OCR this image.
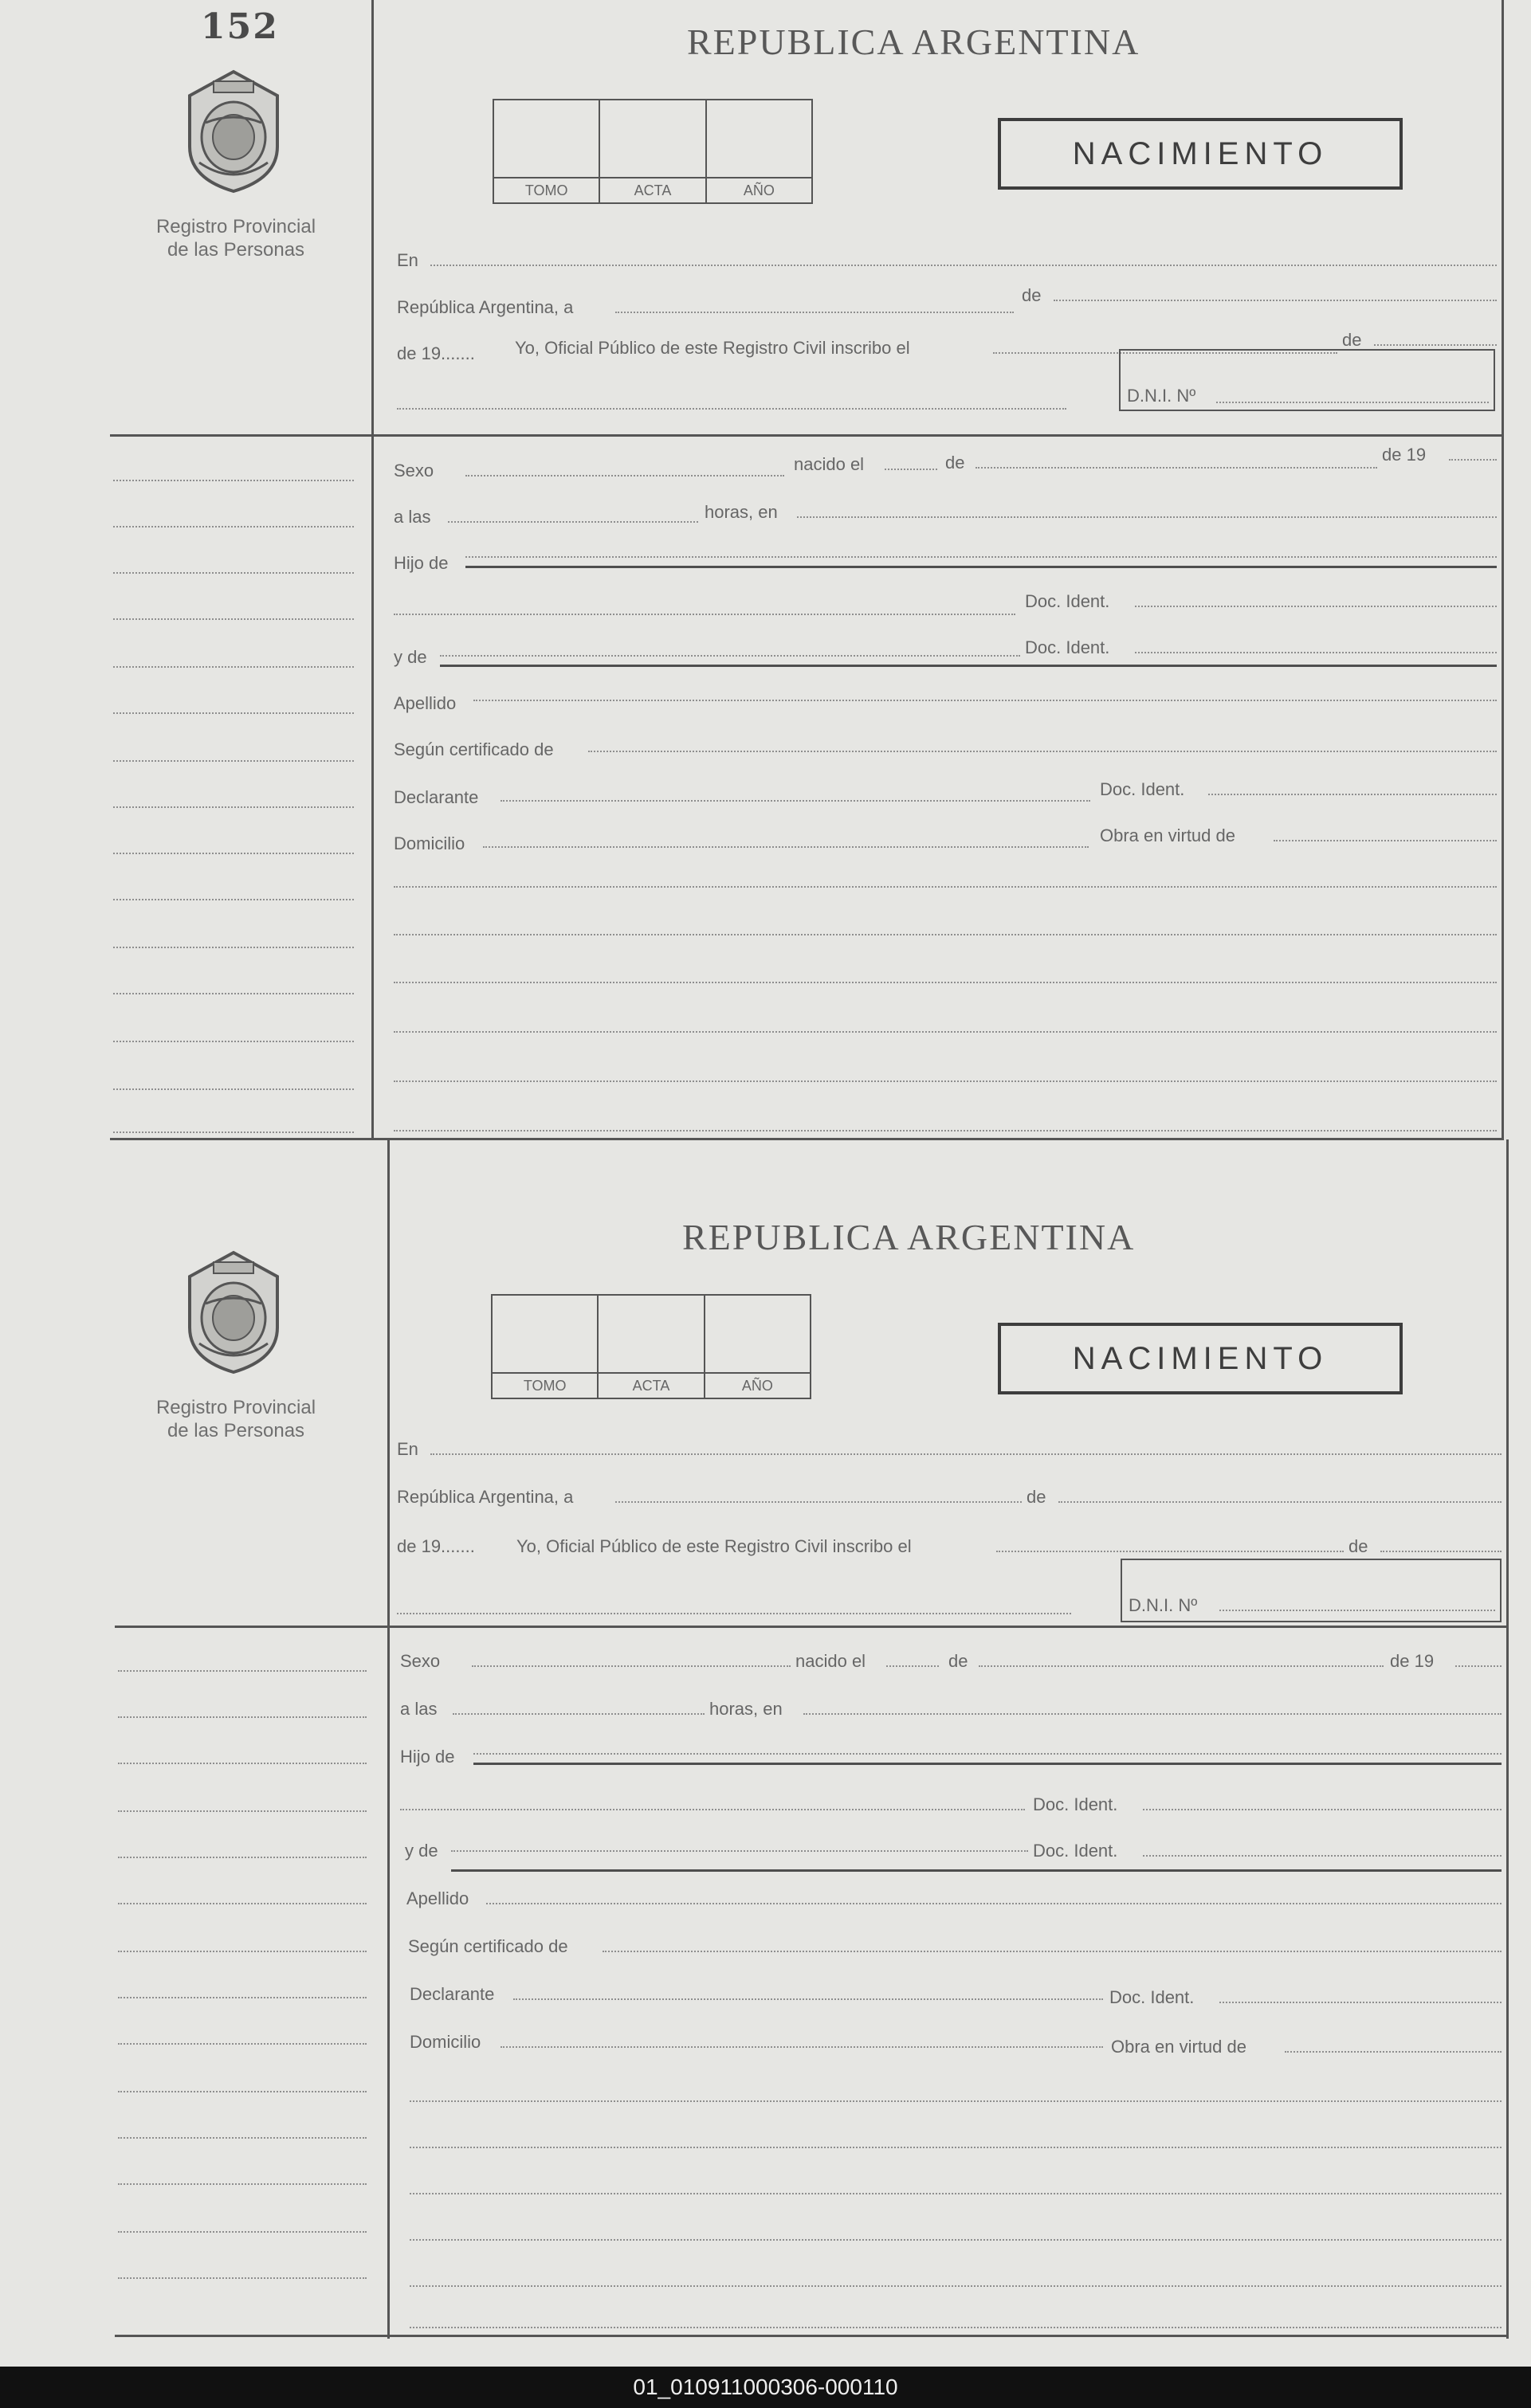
152
Registro Provincial
de las Personas
REPUBLICA ARGENTINA
TOMO	ACTA	AÑO
NACIMIENTO
En
República Argentina, a
de
de 19....... Yo, Oficial Público de este Registro Civil inscribo el	de
D.N.I. Nº
Sexo	nacido el	de	de 19
a las	horas, en
Hijo de
Doc. Ident.
y de	Doc. Ident.
Apellido
Según certificado de
Declarante	Doc. Ident.
Domicilio	Obra en virtud de
Registro Provincial
de las Personas
REPUBLICA ARGENTINA
TOMO	ACTA	AÑO
NACIMIENTO
En
República Argentina, a	de
de 19....... Yo, Oficial Público de este Registro Civil inscribo el	de
D.N.I. Nº
Sexo	nacido el	de	de 19
a las	horas, en
Hijo de
Doc. Ident.
y de	Doc. Ident.
Apellido
Según certificado de
Declarante	Doc. Ident.
Domicilio	Obra en virtud de
01_010911000306-000110
